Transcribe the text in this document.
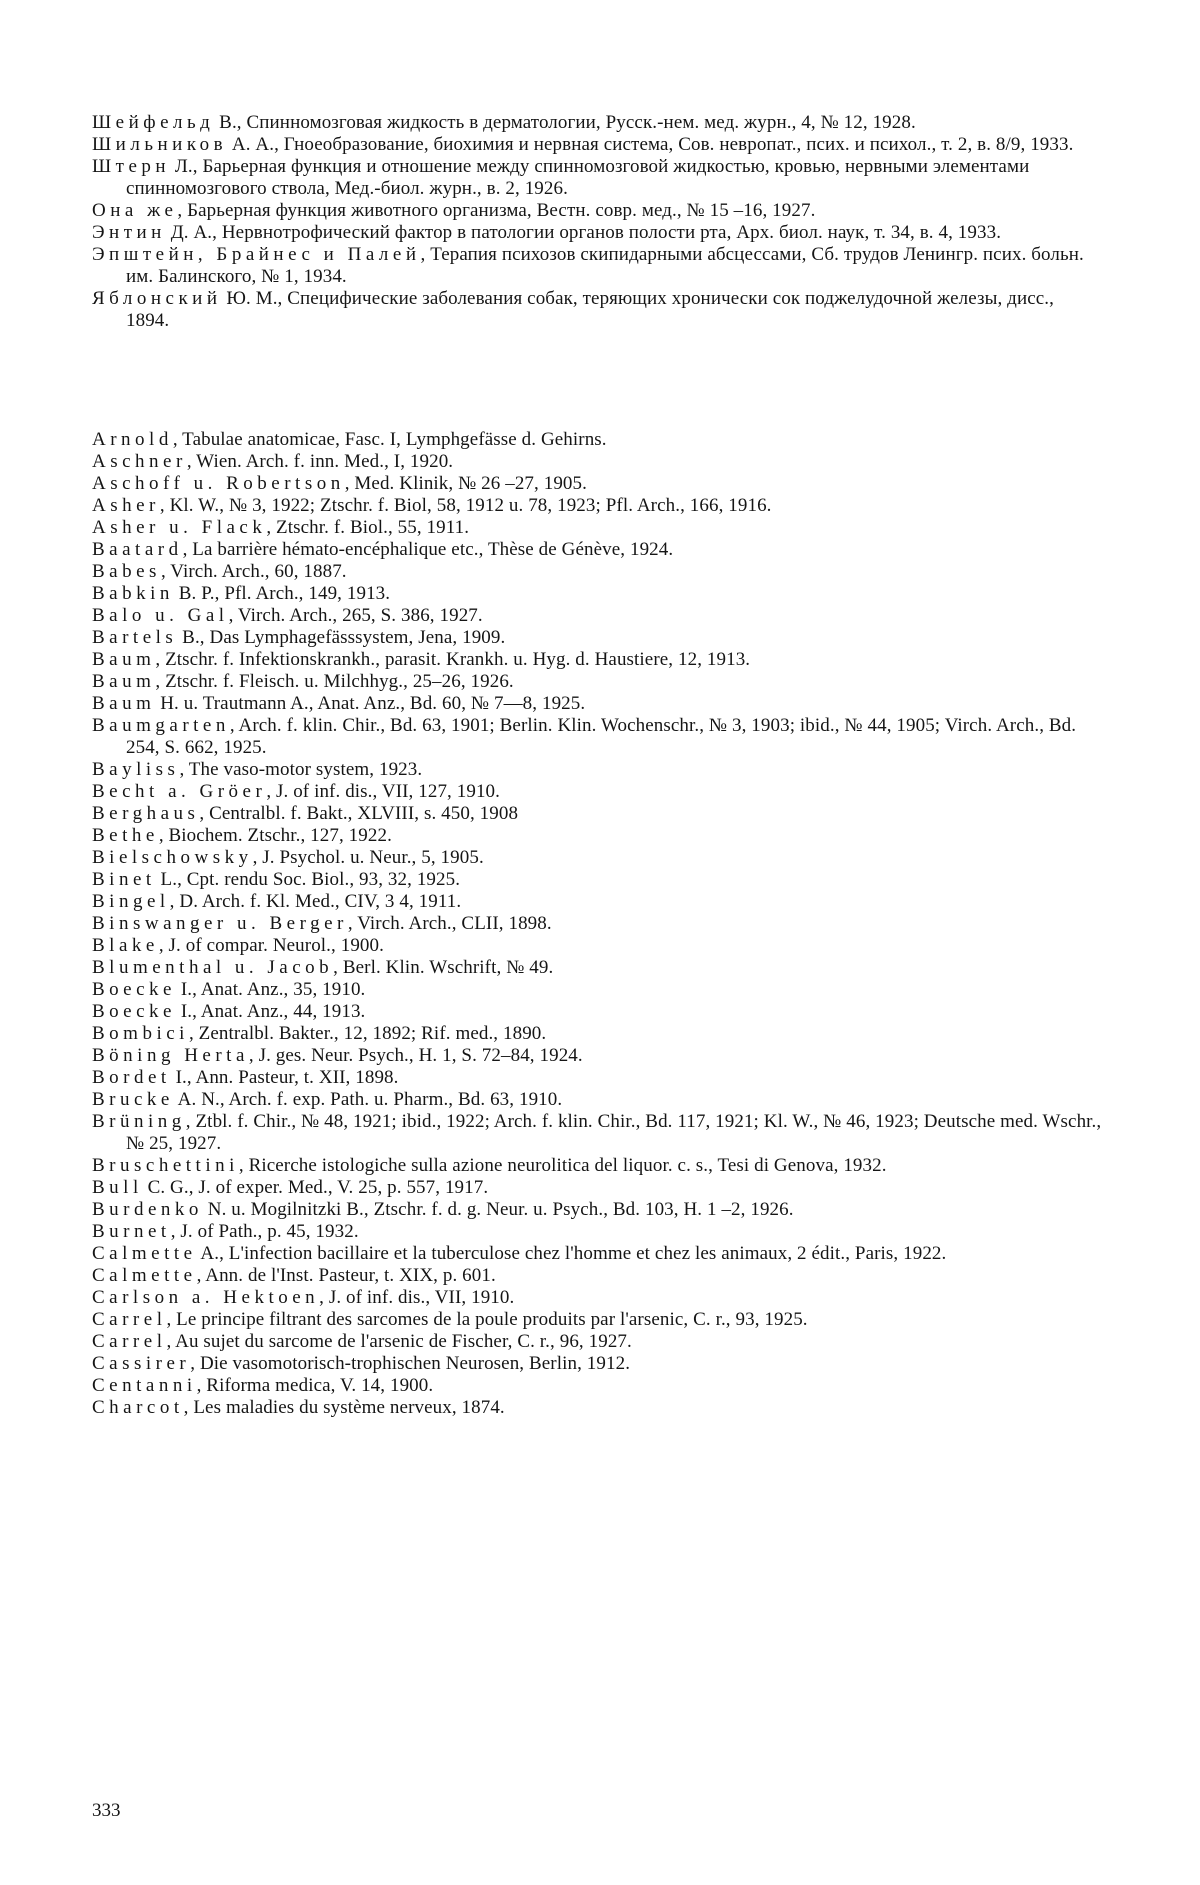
Шейфельд В., Спинномозговая жидкость в дерматологии, Русск.-нем. мед. журн., 4, № 12, 1928.
Шильников А. А., Гноеобразование, биохимия и нервная система, Сов. невропат., псих. и психол., т. 2, в. 8/9, 1933.
Штерн Л., Барьерная функция и отношение между спинномозговой жидкостью, кровью, нервными элементами спинномозгового ствола, Мед.-биол. журн., в. 2, 1926.
Она же, Барьерная функция животного организма, Вестн. совр. мед., № 15 –16, 1927.
Энтин Д. А., Нервнотрофический фактор в патологии органов полости рта, Арх. биол. наук, т. 34, в. 4, 1933.
Эпштейн, Брайнес и Палей, Терапия психозов скипидарными абсцессами, Сб. трудов Ленингр. псих. больн. им. Балинского, № 1, 1934.
Яблонский Ю. М., Специфические заболевания собак, теряющих хронически сок поджелудочной железы, дисс., 1894.
Arnold, Tabulae anatomicae, Fasc. I, Lymphgefässe d. Gehirns.
Aschner, Wien. Arch. f. inn. Med., I, 1920.
Aschoff u. Robertson, Med. Klinik, № 26 –27, 1905.
Asher, Kl. W., № 3, 1922; Ztschr. f. Biol, 58, 1912 u. 78, 1923; Pfl. Arch., 166, 1916.
Asher u. Flack, Ztschr. f. Biol., 55, 1911.
Baatard, La barrière hémato-encéphalique etc., Thèse de Génève, 1924.
Babes, Virch. Arch., 60, 1887.
Babkin B. P., Pfl. Arch., 149, 1913.
Balo u. Gal, Virch. Arch., 265, S. 386, 1927.
Bartels B., Das Lymphagefässsystem, Jena, 1909.
Baum, Ztschr. f. Infektionskrankh., parasit. Krankh. u. Hyg. d. Haustiere, 12, 1913.
Baum, Ztschr. f. Fleisch. u. Milchhyg., 25–26, 1926.
Baum H. u. Trautmann A., Anat. Anz., Bd. 60, № 7—8, 1925.
Baumgarten, Arch. f. klin. Chir., Bd. 63, 1901; Berlin. Klin. Wochenschr., № 3, 1903; ibid., № 44, 1905; Virch. Arch., Bd. 254, S. 662, 1925.
Bayliss, The vaso-motor system, 1923.
Becht a. Gröer, J. of inf. dis., VII, 127, 1910.
Berghaus, Centralbl. f. Bakt., XLVIII, s. 450, 1908
Bethe, Biochem. Ztschr., 127, 1922.
Bielschowsky, J. Psychol. u. Neur., 5, 1905.
Binet L., Cpt. rendu Soc. Biol., 93, 32, 1925.
Bingel, D. Arch. f. Kl. Med., CIV, 3 4, 1911.
Binswanger u. Berger, Virch. Arch., CLII, 1898.
Blake, J. of compar. Neurol., 1900.
Blumenthal u. Jacob, Berl. Klin. Wschrift, № 49.
Boecke I., Anat. Anz., 35, 1910.
Boecke I., Anat. Anz., 44, 1913.
Bombici, Zentralbl. Bakter., 12, 1892; Rif. med., 1890.
Böning Herta, J. ges. Neur. Psych., H. 1, S. 72–84, 1924.
Bordet I., Ann. Pasteur, t. XII, 1898.
Brucke A. N., Arch. f. exp. Path. u. Pharm., Bd. 63, 1910.
Brüning, Ztbl. f. Chir., № 48, 1921; ibid., 1922; Arch. f. klin. Chir., Bd. 117, 1921; Kl. W., № 46, 1923; Deutsche med. Wschr., № 25, 1927.
Bruschettini, Ricerche istologiche sulla azione neurolitica del liquor. c. s., Tesi di Genova, 1932.
Bull C. G., J. of exper. Med., V. 25, p. 557, 1917.
Burdenko N. u. Mogilnitzki B., Ztschr. f. d. g. Neur. u. Psych., Bd. 103, H. 1 –2, 1926.
Burnet, J. of Path., p. 45, 1932.
Calmette A., L'infection bacillaire et la tuberculose chez l'homme et chez les animaux, 2 édit., Paris, 1922.
Calmette, Ann. de l'Inst. Pasteur, t. XIX, p. 601.
Carlson a. Hektoen, J. of inf. dis., VII, 1910.
Carrel, Le principe filtrant des sarcomes de la poule produits par l'arsenic, C. r., 93, 1925.
Carrel, Au sujet du sarcome de l'arsenic de Fischer, C. r., 96, 1927.
Cassirer, Die vasomotorisch-trophischen Neurosen, Berlin, 1912.
Centanni, Riforma medica, V. 14, 1900.
Charcot, Les maladies du système nerveux, 1874.
333
